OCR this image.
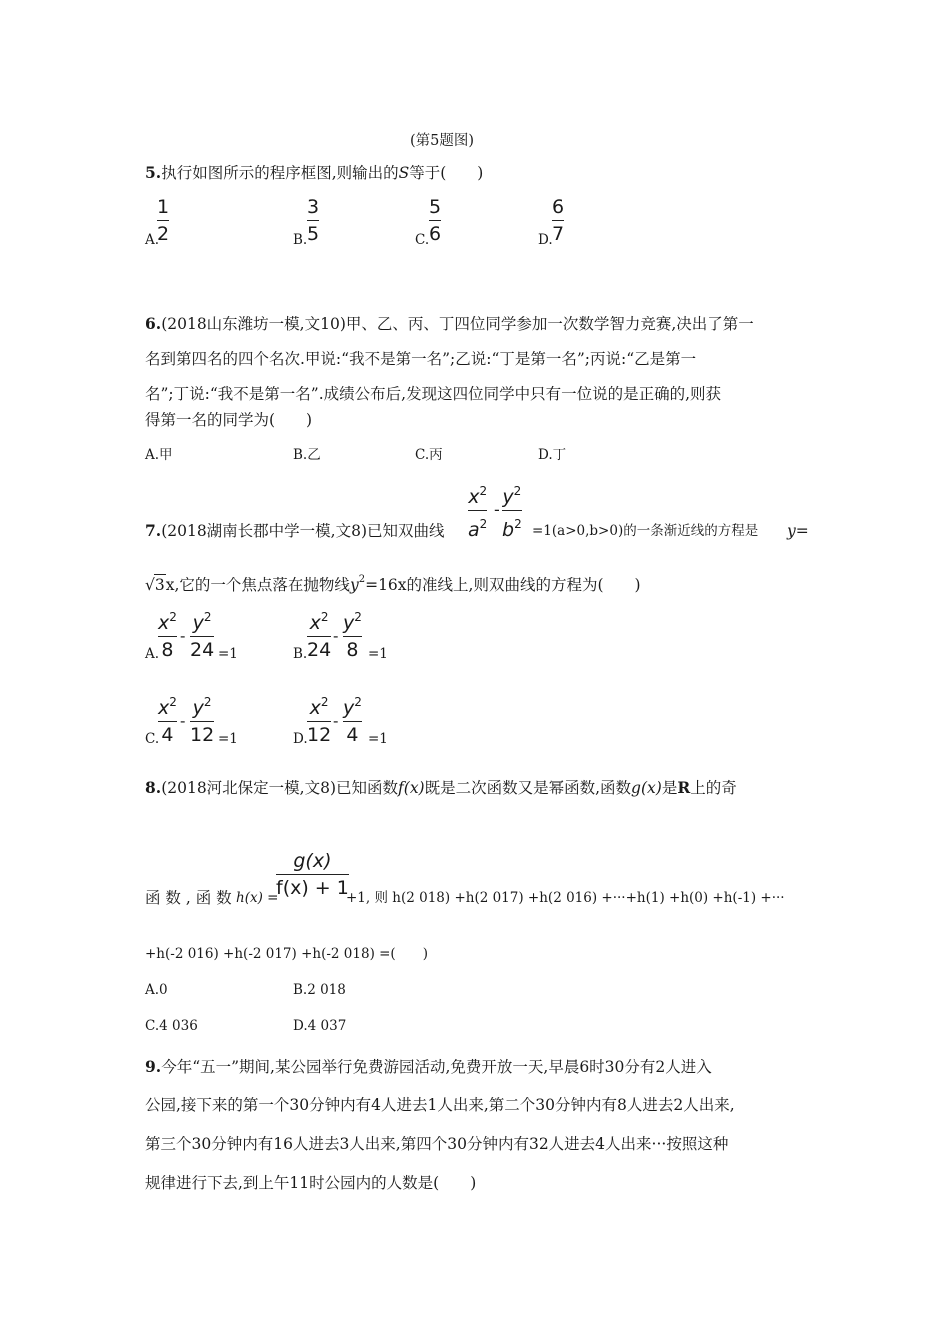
(第5题图)
5.执行如图所示的程序框图,则输出的S等于(　　)
A.
1
2	B.
3
5	C.
5
6	D.
6
7
6.(2018山东潍坊一模,文10)甲、乙、丙、丁四位同学参加一次数学智力竞赛,决出了第一
名到第四名的四个名次.甲说:“我不是第一名”;乙说:“丁是第一名”;丙说:“乙是第一
名”;丁说:“我不是第一名”.成绩公布后,发现这四位同学中只有一位说的是正确的,则获
得第一名的同学为(　　)
A.甲	B.乙	C.丙	D.丁
7.(2018湖南长郡中学一模,文8)已知双曲线
$x^2$
$a^2$
-
$y^2$
$b^2 =1(a>0,b>0)$的一条渐近线的方程是 y=
√3x,它的一个焦点落在抛物线$y^2=16x$的准线上,则双曲线的方程为(　　)
A.
$x^2$
8
-
$y^2$
24 =1	B.
$x^2$
24
-
$y^2$
8 =1
C.
$x^2$
4
-
$y^2$
12 =1	D.
$x^2$
12
-
$y^2$
4 =1
8.(2018河北保定一模,文8)已知函数f(x)既是二次函数又是幂函数,函数g(x)是R上的奇
g(x)
f(x) + 1
函 数 , 函 数 h(x) =	+1, 则 h(2 018) +h(2 017) +h(2 016) +···+h(1) +h(0) +h(-1) +···
+h(-2 016) +h(-2 017) +h(-2 018) =(　　)
A.0	B.2 018
C.4 036	D.4 037
9.今年“五一”期间,某公园举行免费游园活动,免费开放一天,早晨6时30分有2人进入
公园,接下来的第一个30分钟内有4人进去1人出来,第二个30分钟内有8人进去2人出来,
第三个30分钟内有16人进去3人出来,第四个30分钟内有32人进去4人出来···按照这种
规律进行下去,到上午11时公园内的人数是(　　)
